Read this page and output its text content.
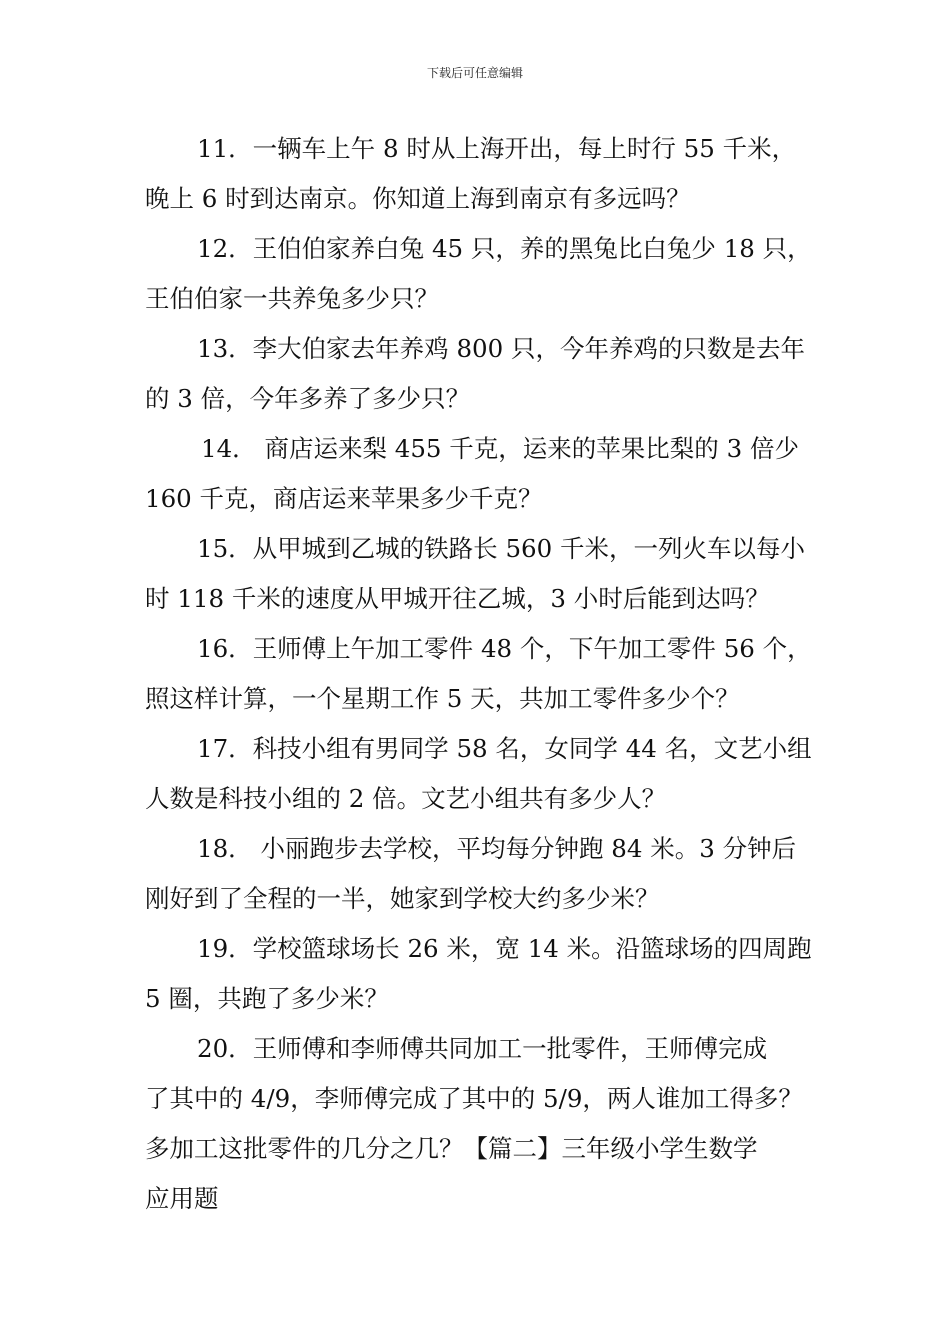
下载后可任意编辑

11．一辆车上午 8 时从上海开出，每上时行 55 千米，
晚上 6 时到达南京。你知道上海到南京有多远吗？

12．王伯伯家养白兔 45 只，养的黑兔比白兔少 18 只，
王伯伯家一共养兔多少只？

13．李大伯家去年养鸡 800 只，今年养鸡的只数是去年
的 3 倍，今年多养了多少只？

14． 商店运来梨 455 千克，运来的苹果比梨的 3 倍少
160 千克，商店运来苹果多少千克？

15．从甲城到乙城的铁路长 560 千米，一列火车以每小
时 118 千米的速度从甲城开往乙城，3 小时后能到达吗？

16．王师傅上午加工零件 48 个，下午加工零件 56 个，
照这样计算，一个星期工作 5 天，共加工零件多少个？

17．科技小组有男同学 58 名，女同学 44 名，文艺小组
人数是科技小组的 2 倍。文艺小组共有多少人？

18． 小丽跑步去学校，平均每分钟跑 84 米。3 分钟后
刚好到了全程的一半，她家到学校大约多少米？

19．学校篮球场长 26 米，宽 14 米。沿篮球场的四周跑
5 圈，共跑了多少米？

20．王师傅和李师傅共同加工一批零件，王师傅完成
了其中的 4/9，李师傅完成了其中的 5/9，两人谁加工得多？
多加工这批零件的几分之几？【篇二】三年级小学生数学
应用题
